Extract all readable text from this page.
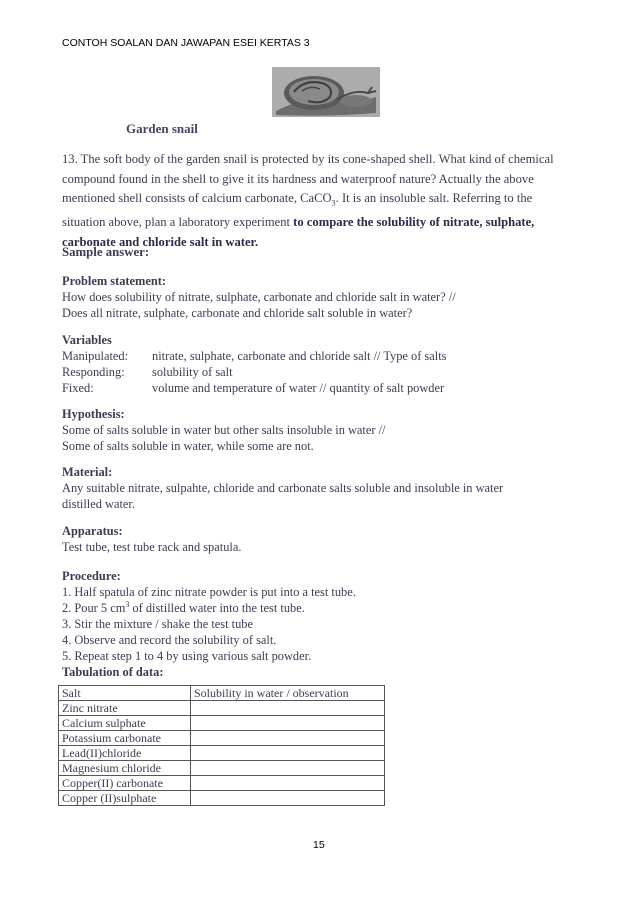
CONTOH SOALAN DAN JAWAPAN ESEI KERTAS 3
Garden snail
13. The soft body of the garden snail is protected by its cone-shaped shell. What kind of chemical compound found in the shell to give it its hardness and waterproof nature? Actually the above mentioned shell consists of calcium carbonate, CaCO$_3$. It is an insoluble salt. Referring to the situation above, plan a laboratory experiment to compare the solubility of nitrate, sulphate, carbonate and chloride salt in water.
Sample answer:
Problem statement:
How does solubility of nitrate, sulphate, carbonate and chloride salt in water? //
Does all nitrate, sulphate, carbonate and chloride salt soluble in water?
Variables
Manipulated:	nitrate, sulphate, carbonate and chloride salt // Type of salts
Responding:	solubility of salt
Fixed:	volume and temperature of water // quantity of salt powder
Hypothesis:
Some of salts soluble in water but other salts insoluble in water //
Some of salts soluble in water, while some are not.
Material:
Any suitable nitrate, sulpahte, chloride and carbonate salts soluble and insoluble in water
distilled water.
Apparatus:
Test tube, test tube rack and spatula.
Procedure:
1. Half spatula of zinc nitrate powder is put into a test tube.
2. Pour 5 $cm^3$ of distilled water into the test tube.
3. Stir the mixture / shake the test tube
4. Observe and record the solubility of salt.
5. Repeat step 1 to 4 by using various salt powder.
Tabulation of data:
Salt	Solubility in water / observation
Zinc nitrate	
Calcium sulphate	
Potassium carbonate	
Lead(II)chloride	
Magnesium chloride	
Copper(II) carbonate	
Copper (II)sulphate	
15
